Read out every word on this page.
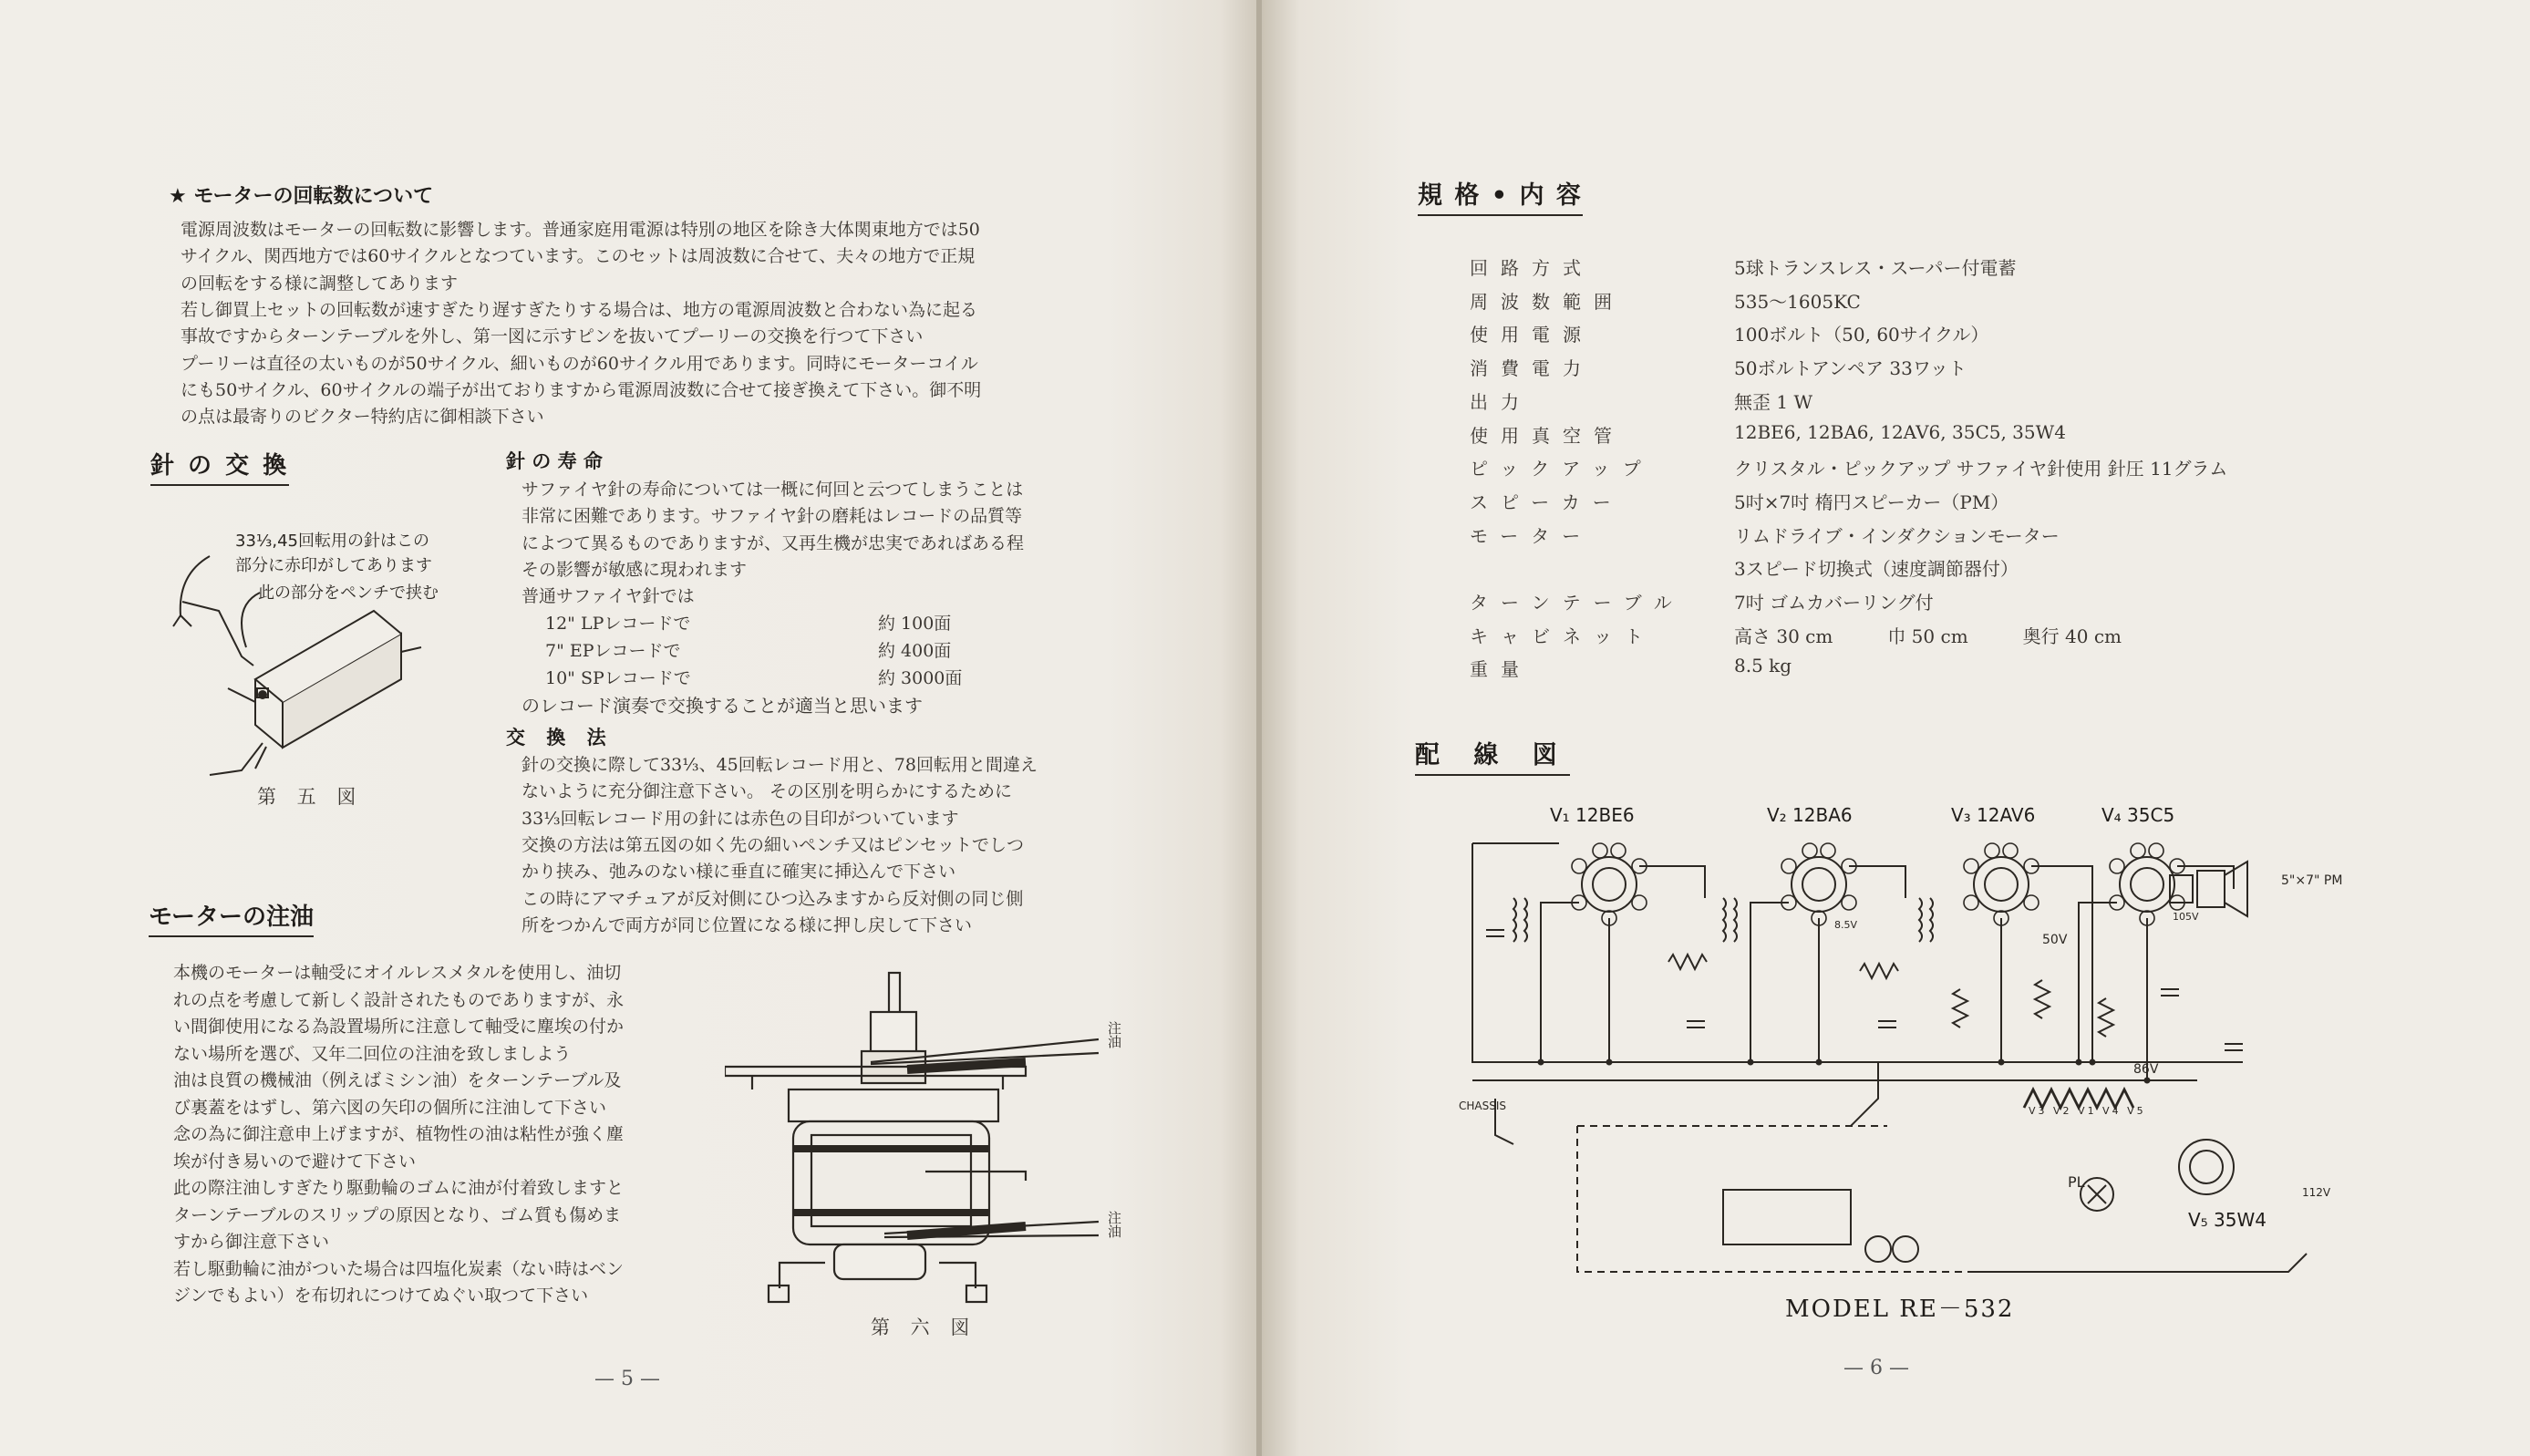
★ モーターの回転数について
電源周波数はモーターの回転数に影響します。普通家庭用電源は特別の地区を除き大体関東地方では50
サイクル、関西地方では60サイクルとなつています。このセットは周波数に合せて、夫々の地方で正規
の回転をする様に調整してあります
若し御買上セットの回転数が速すぎたり遅すぎたりする場合は、地方の電源周波数と合わない為に起る
事故ですからターンテーブルを外し、第一図に示すピンを抜いてプーリーの交換を行つて下さい
プーリーは直径の太いものが50サイクル、細いものが60サイクル用であります。同時にモーターコイル
にも50サイクル、60サイクルの端子が出ておりますから電源周波数に合せて接ぎ換えて下さい。御不明
の点は最寄りのビクター特約店に御相談下さい
針 の 交 換	針 の 寿 命
サファイヤ針の寿命については一概に何回と云つてしまうことは
非常に困難であります。サファイヤ針の磨耗はレコードの品質等
によつて異るものでありますが、又再生機が忠実であればある程
その影響が敏感に現われます
普通サファイヤ針では
12" LPレコードで	約 100面
7" EPレコードで	約 400面
10" SPレコードで	約 3000面
のレコード演奏で交換することが適当と思います
交 換 法
針の交換に際して33⅓、45回転レコード用と、78回転用と間違え
ないように充分御注意下さい。 その区別を明らかにするために
33⅓回転レコード用の針には赤色の目印がついています
交換の方法は第五図の如く先の細いペンチ又はピンセットでしつ
かり挟み、弛みのない様に垂直に確実に挿込んで下さい
この時にアマチュアが反対側にひつ込みますから反対側の同じ側
所をつかんで両方が同じ位置になる様に押し戻して下さい
33⅓,45回転用の針はこの
部分に赤印がしてあります
此の部分をペンチで挟む
第 五 図
モーターの注油
本機のモーターは軸受にオイルレスメタルを使用し、油切
れの点を考慮して新しく設計されたものでありますが、永
い間御使用になる為設置場所に注意して軸受に塵埃の付か
ない場所を選び、又年二回位の注油を致しましよう
油は良質の機械油（例えばミシン油）をターンテーブル及
び裏蓋をはずし、第六図の矢印の個所に注油して下さい
念の為に御注意申上げますが、植物性の油は粘性が強く塵
埃が付き易いので避けて下さい
此の際注油しすぎたり駆動輪のゴムに油が付着致しますと
ターンテーブルのスリップの原因となり、ゴム質も傷めま
すから御注意下さい
若し駆動輪に油がついた場合は四塩化炭素（ない時はベン
ジンでもよい）を布切れにつけてぬぐい取つて下さい
注油
注油
第 六 図
— 5 —
規 格 • 内 容
回路方式	5球トランスレス・スーパー付電蓄
周波数範囲	535～1605KC
使用電源	100ボルト（50, 60サイクル）
消費電力	50ボルトアンペア 33ワット
出力	無歪 1 W
使用真空管	12BE6, 12BA6, 12AV6, 35C5, 35W4
ピックアップ	クリスタル・ピックアップ サファイヤ針使用 針圧 11グラム
スピーカー	5吋×7吋 楕円スピーカー（PM）
モーター	リムドライブ・インダクションモーター
3スピード切換式（速度調節器付）
ターンテーブル	7吋 ゴムカバーリング付
キャビネット	高さ 30 cm　　　巾 50 cm　　　奥行 40 cm
重量	8.5 kg
配 線 図
V₁ 12BE6	V₂ 12BA6	V₃ 12AV6	V₄ 35C5
V₅ 35W4
5"×7" PM
CHASSIS
PL
86V
112V
50V
105V
8.5V
V3 V2 V1 V4 V5
MODEL RE－532
— 6 —
